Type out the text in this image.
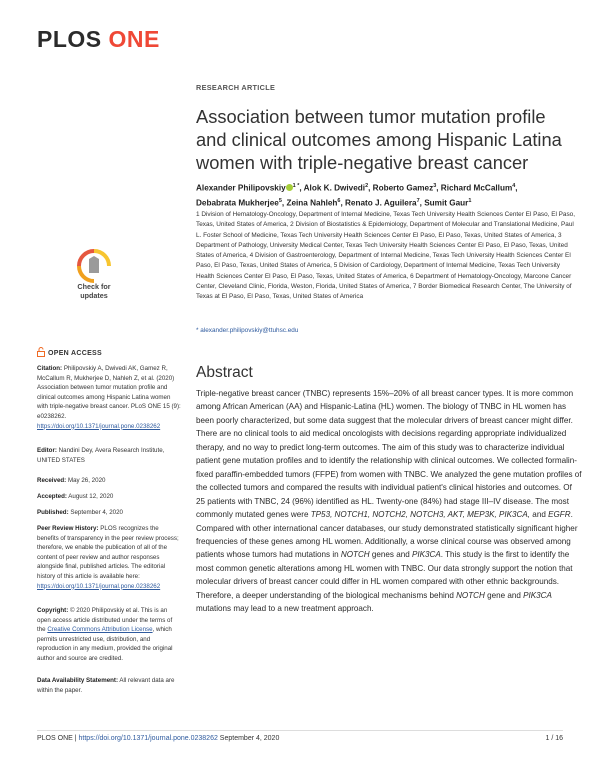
PLOS ONE
RESEARCH ARTICLE
Association between tumor mutation profile and clinical outcomes among Hispanic Latina women with triple-negative breast cancer
Alexander Philipovskiy $^{1 *}$, Alok K. Dwivedi$^2$, Roberto Gamez$^3$, Richard McCallum$^4$,
Debabrata Mukherjee$^5$, Zeina Nahleh$^6$, Renato J. Aguilera$^7$, Sumit Gaur$^1$
1 Division of Hematology-Oncology, Department of Internal Medicine, Texas Tech University Health Sciences Center El Paso, El Paso, Texas, United States of America, 2 Division of Biostatistics & Epidemiology, Department of Molecular and Translational Medicine, Paul L. Foster School of Medicine, Texas Tech University Health Sciences Center El Paso, El Paso, Texas, United States of America, 3 Department of Pathology, University Medical Center, Texas Tech University Health Sciences Center El Paso, El Paso, Texas, United States of America, 4 Division of Gastroenterology, Department of Internal Medicine, Texas Tech University Health Sciences Center El Paso, El Paso, Texas, United States of America, 5 Division of Cardiology, Department of Internal Medicine, Texas Tech University Health Sciences Center El Paso, El Paso, Texas, United States of America, 6 Department of Hematology-Oncology, Marcone Cancer Center, Cleveland Clinic, Florida, Weston, Florida, United States of America, 7 Border Biomedical Research Center, The University of Texas at El Paso, El Paso, Texas, United States of America
* alexander.philipovskiy@ttuhsc.edu
Check for
updates
OPEN ACCESS
Citation: Philipovskiy A, Dwivedi AK, Gamez R, McCallum R, Mukherjee D, Nahleh Z, et al. (2020) Association between tumor mutation profile and clinical outcomes among Hispanic Latina women with triple-negative breast cancer. PLoS ONE 15 (9): e0238262. https://doi.org/10.1371/journal.pone.0238262
Editor: Nandini Dey, Avera Research Institute, UNITED STATES
Received: May 26, 2020
Accepted: August 12, 2020
Published: September 4, 2020
Peer Review History: PLOS recognizes the benefits of transparency in the peer review process; therefore, we enable the publication of all of the content of peer review and author responses alongside final, published articles. The editorial history of this article is available here: https://doi.org/10.1371/journal.pone.0238262
Copyright: © 2020 Philipovskiy et al. This is an open access article distributed under the terms of the Creative Commons Attribution License, which permits unrestricted use, distribution, and reproduction in any medium, provided the original author and source are credited.
Data Availability Statement: All relevant data are within the paper.
Abstract
Triple-negative breast cancer (TNBC) represents 15%–20% of all breast cancer types. It is more common among African American (AA) and Hispanic-Latina (HL) women. The biology of TNBC in HL women has been poorly characterized, but some data suggest that the molecular drivers of breast cancer might differ. There are no clinical tools to aid medical oncologists with decisions regarding appropriate individualized therapy, and no way to predict long-term outcomes. The aim of this study was to characterize individual patient gene mutation profiles and to identify the relationship with clinical outcomes. We collected formalin-fixed paraffin-embedded tumors (FFPE) from women with TNBC. We analyzed the gene mutation profiles of the collected tumors and compared the results with individual patient's clinical histories and outcomes. Of 25 patients with TNBC, 24 (96%) identified as HL. Twenty-one (84%) had stage III–IV disease. The most commonly mutated genes were TP53, NOTCH1, NOTCH2, NOTCH3, AKT, MEP3K, PIK3CA, and EGFR. Compared with other international cancer databases, our study demonstrated statistically significant higher frequencies of these genes among HL women. Additionally, a worse clinical course was observed among patients whose tumors had mutations in NOTCH genes and PIK3CA. This study is the first to identify the most common genetic alterations among HL women with TNBC. Our data strongly support the notion that molecular drivers of breast cancer could differ in HL women compared with other ethnic backgrounds. Therefore, a deeper understanding of the biological mechanisms behind NOTCH gene and PIK3CA mutations may lead to a new treatment approach.
PLOS ONE | https://doi.org/10.1371/journal.pone.0238262 September 4, 2020	1 / 16
